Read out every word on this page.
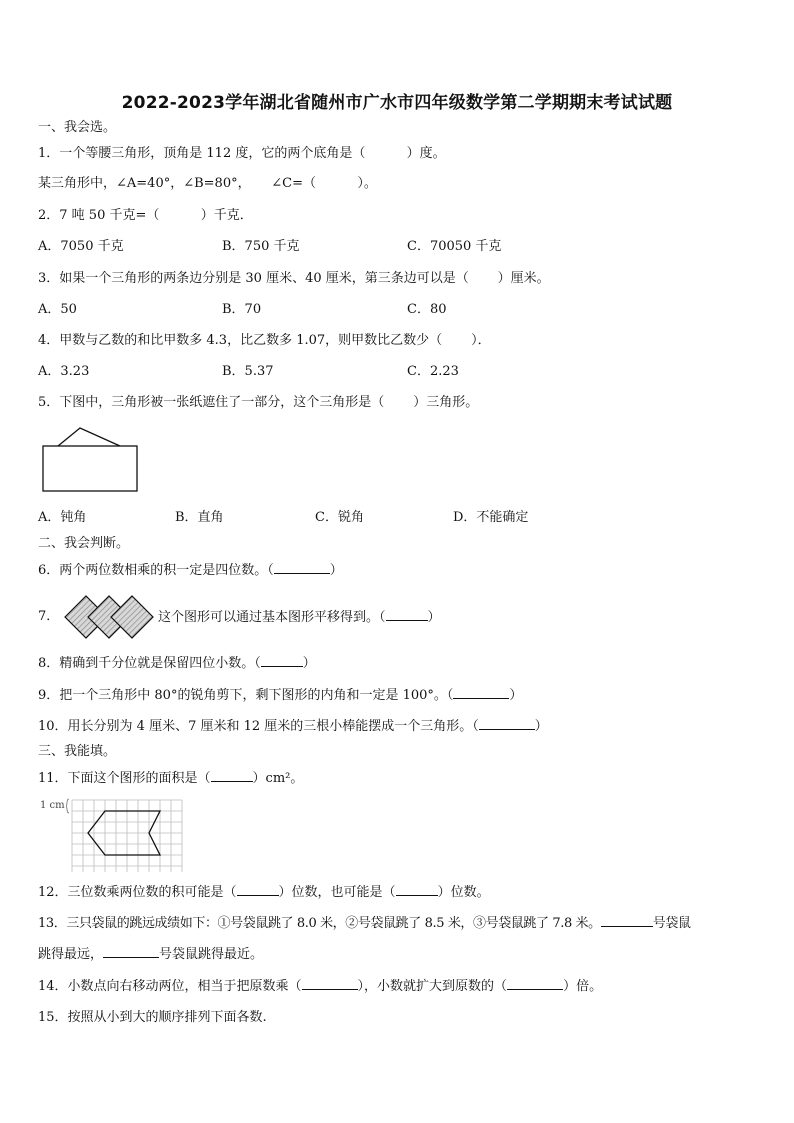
2022-2023学年湖北省随州市广水市四年级数学第二学期期末考试试题
一、我会选。
1．一个等腰三角形，顶角是 112 度，它的两个底角是（          ）度。
某三角形中，∠A=40°，∠B=80°，     ∠C=（          ）。
2．7 吨 50 千克=（          ）千克．
A．7050 千克	B．750 千克	C．70050 千克
3．如果一个三角形的两条边分别是 30 厘米、40 厘米，第三条边可以是（       ）厘米。
A．50	B．70	C．80
4．甲数与乙数的和比甲数多 4.3，比乙数多 1.07，则甲数比乙数少（       ）．
A．3.23	B．5.37	C．2.23
5．下图中，三角形被一张纸遮住了一部分，这个三角形是（       ）三角形。
A．钝角	B．直角	C．锐角	D．不能确定
二、我会判断。
6．两个两位数相乘的积一定是四位数。（	）
7．	这个图形可以通过基本图形平移得到。（	）
8．精确到千分位就是保留四位小数。（	）
9．把一个三角形中 80°的锐角剪下，剩下图形的内角和一定是 100°。（	）
10．用长分别为 4 厘米、7 厘米和 12 厘米的三根小棒能摆成一个三角形。（	）
三、我能填。
11．下面这个图形的面积是（	）cm²。
1 cm
12．三位数乘两位数的积可能是（	）位数，也可能是（	）位数。
13．三只袋鼠的跳远成绩如下：①号袋鼠跳了 8.0 米，②号袋鼠跳了 8.5 米，③号袋鼠跳了 7.8 米。	号袋鼠
跳得最远，	号袋鼠跳得最近。
14．小数点向右移动两位，相当于把原数乘（	），小数就扩大到原数的（	）倍。
15．按照从小到大的顺序排列下面各数.
